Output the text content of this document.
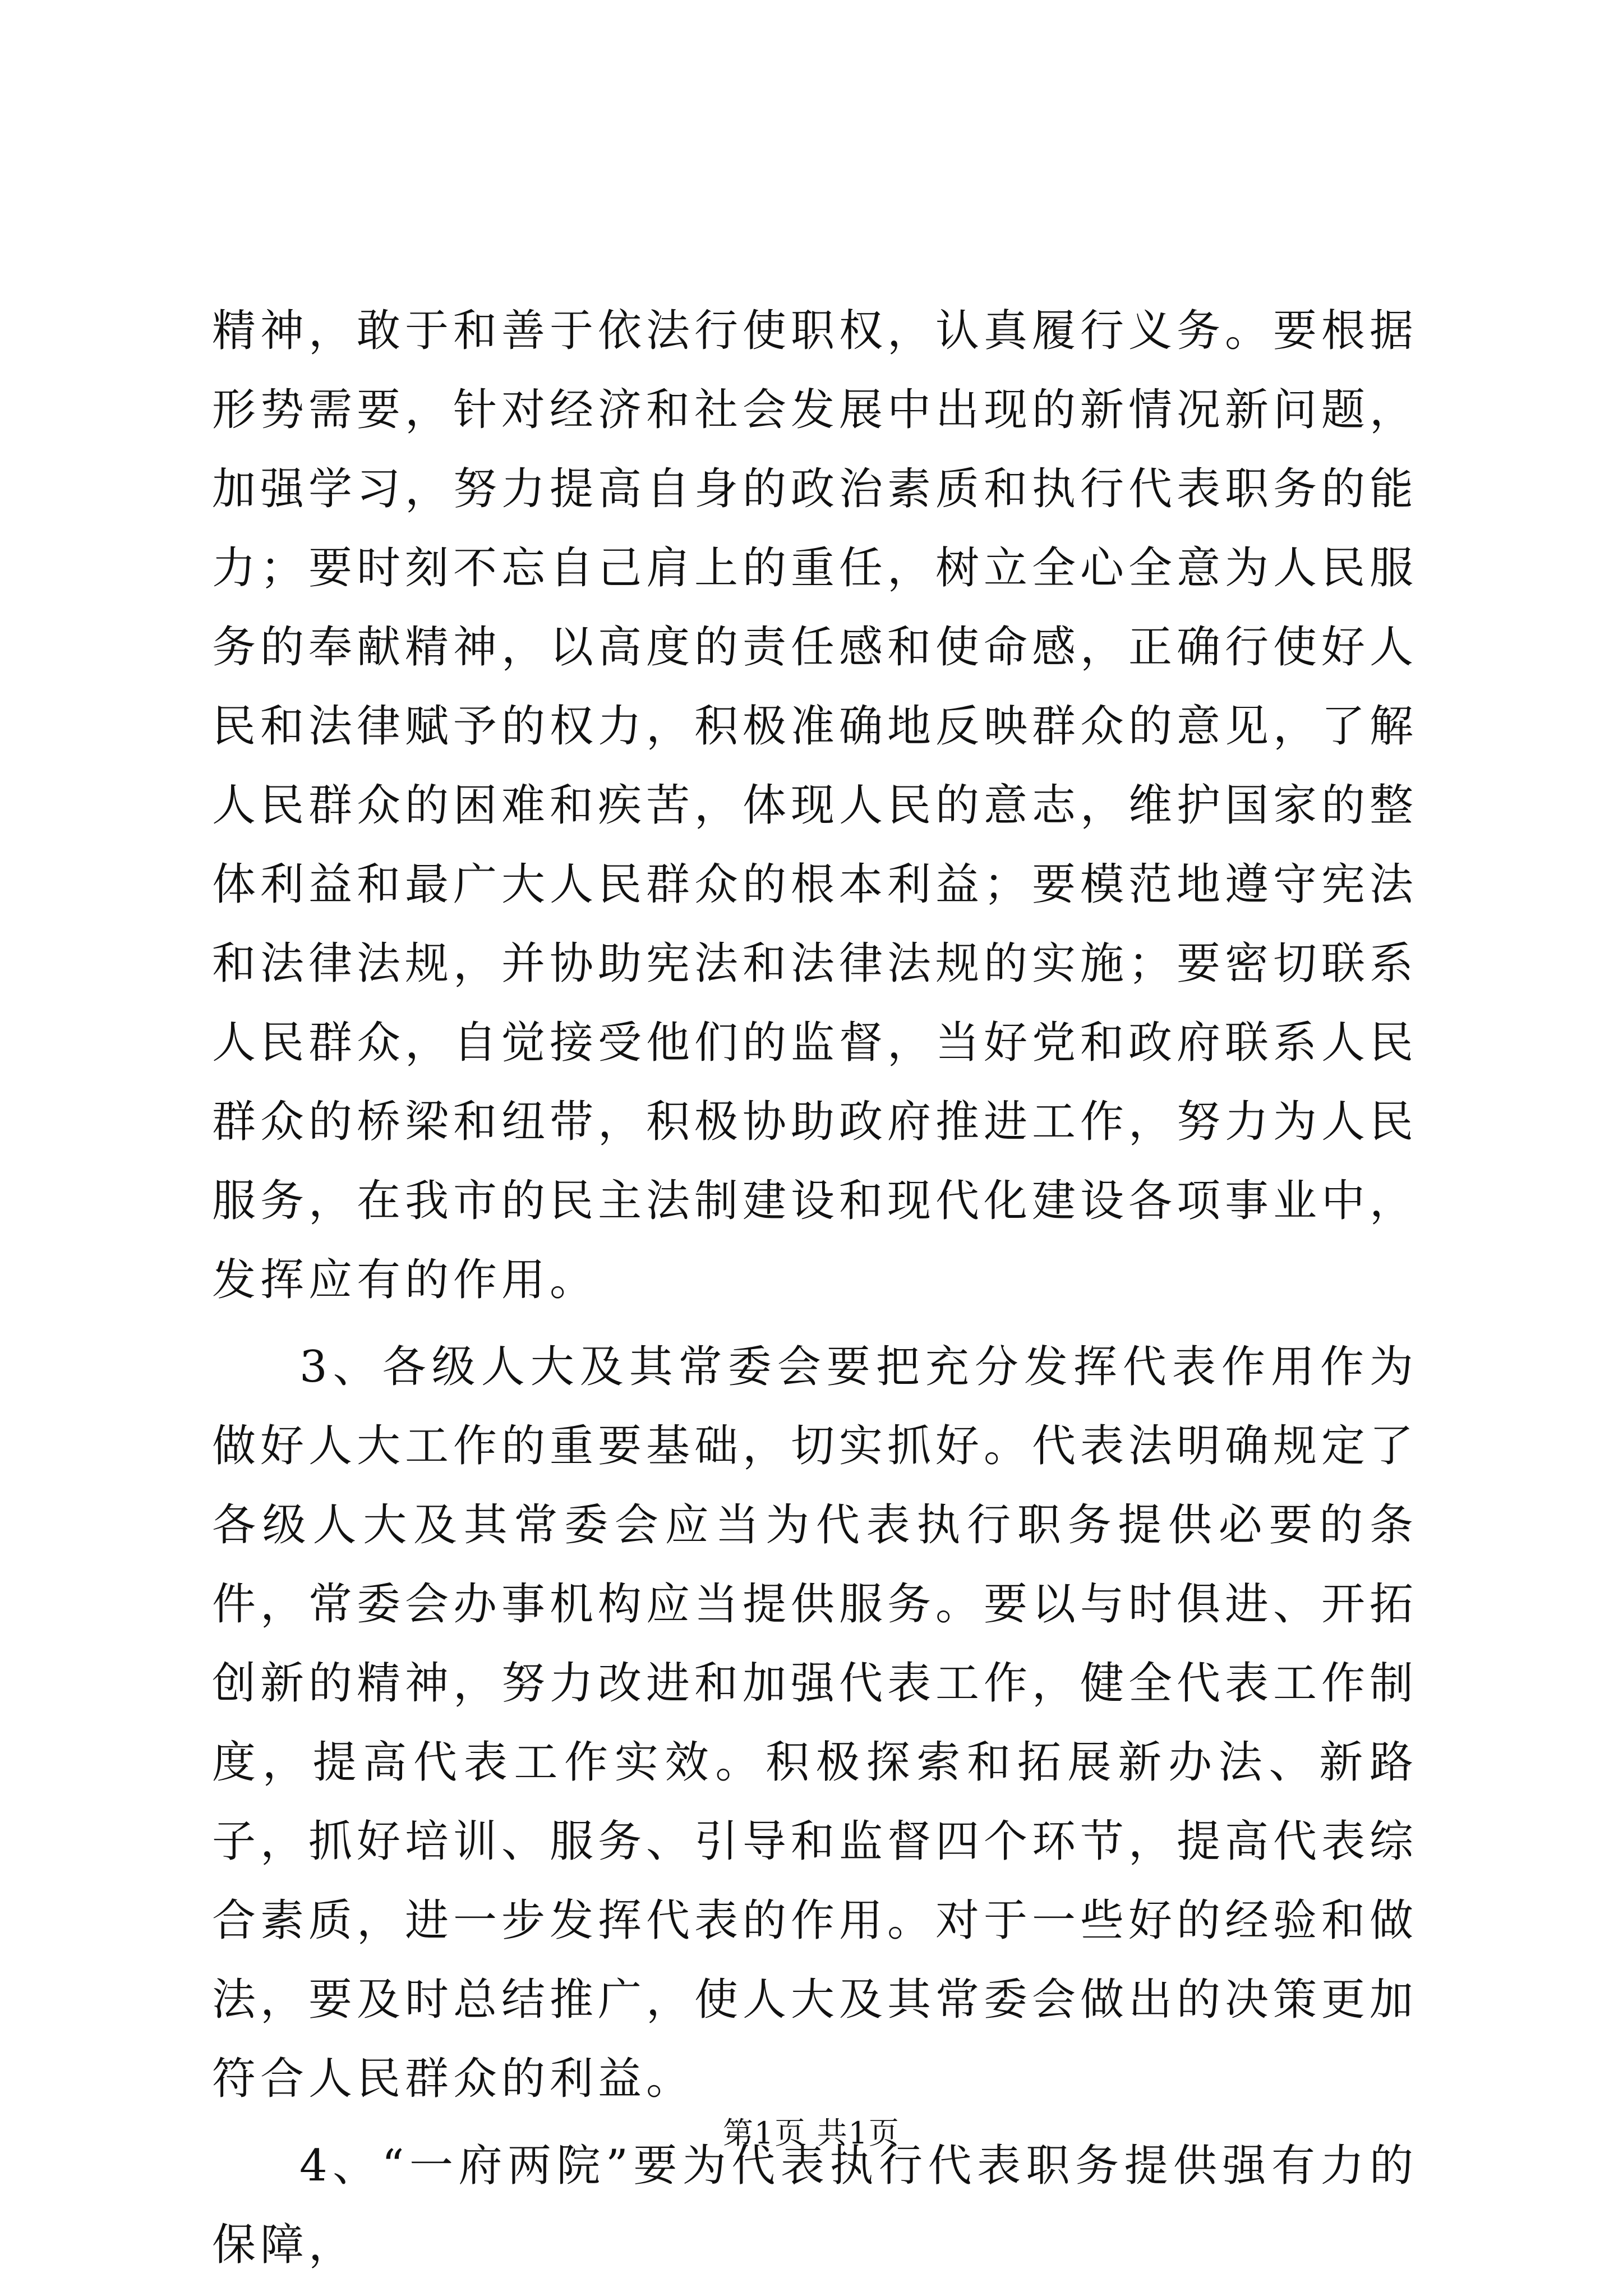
精神，敢于和善于依法行使职权，认真履行义务。要根据形势需要，针对经济和社会发展中出现的新情况新问题，加强学习，努力提高自身的政治素质和执行代表职务的能力；要时刻不忘自己肩上的重任，树立全心全意为人民服务的奉献精神，以高度的责任感和使命感，正确行使好人民和法律赋予的权力，积极准确地反映群众的意见，了解人民群众的困难和疾苦，体现人民的意志，维护国家的整体利益和最广大人民群众的根本利益；要模范地遵守宪法和法律法规，并协助宪法和法律法规的实施；要密切联系人民群众，自觉接受他们的监督，当好党和政府联系人民群众的桥梁和纽带，积极协助政府推进工作，努力为人民服务，在我市的民主法制建设和现代化建设各项事业中，发挥应有的作用。

3、各级人大及其常委会要把充分发挥代表作用作为做好人大工作的重要基础，切实抓好。代表法明确规定了各级人大及其常委会应当为代表执行职务提供必要的条件，常委会办事机构应当提供服务。要以与时俱进、开拓创新的精神，努力改进和加强代表工作，健全代表工作制度，提高代表工作实效。积极探索和拓展新办法、新路子，抓好培训、服务、引导和监督四个环节，提高代表综合素质，进一步发挥代表的作用。对于一些好的经验和做法，要及时总结推广，使人大及其常委会做出的决策更加符合人民群众的利益。

4、“一府两院”要为代表执行代表职务提供强有力的保障，

第1页 共1页
